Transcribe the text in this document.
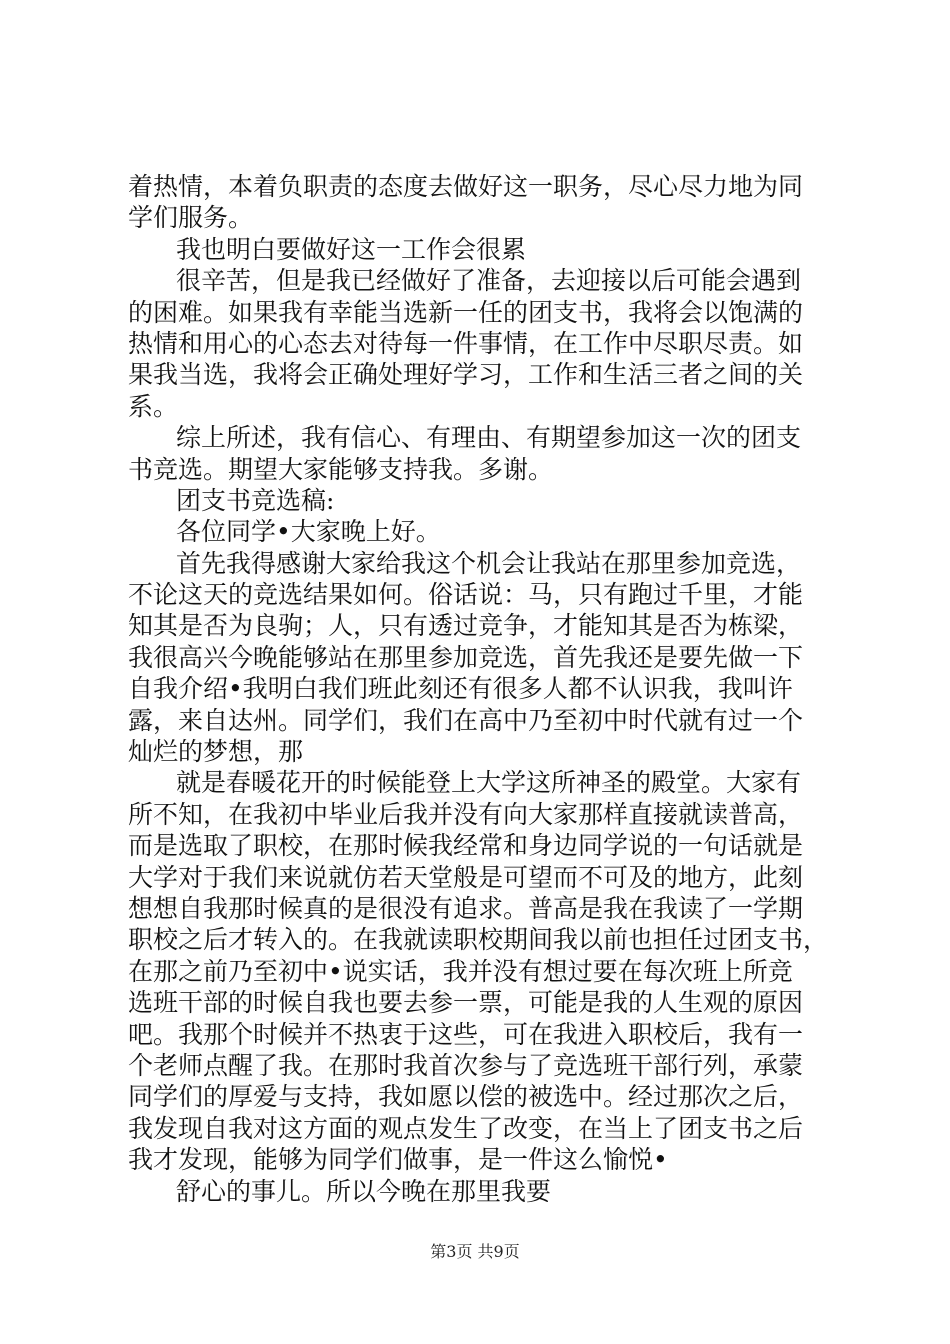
着热情，本着负职责的态度去做好这一职务，尽心尽力地为同
学们服务。
我也明白要做好这一工作会很累
很辛苦，但是我已经做好了准备，去迎接以后可能会遇到
的困难。如果我有幸能当选新一任的团支书，我将会以饱满的
热情和用心的心态去对待每一件事情，在工作中尽职尽责。如
果我当选，我将会正确处理好学习，工作和生活三者之间的关
系。
综上所述，我有信心、有理由、有期望参加这一次的团支
书竞选。期望大家能够支持我。多谢。
团支书竞选稿:
各位同学•大家晚上好。
首先我得感谢大家给我这个机会让我站在那里参加竞选，
不论这天的竞选结果如何。俗话说：马，只有跑过千里，才能
知其是否为良驹；人，只有透过竞争，才能知其是否为栋梁，
我很高兴今晚能够站在那里参加竞选，首先我还是要先做一下
自我介绍•我明白我们班此刻还有很多人都不认识我，我叫许
露，来自达州。同学们，我们在高中乃至初中时代就有过一个
灿烂的梦想，那
就是春暖花开的时候能登上大学这所神圣的殿堂。大家有
所不知，在我初中毕业后我并没有向大家那样直接就读普高，
而是选取了职校，在那时候我经常和身边同学说的一句话就是
大学对于我们来说就仿若天堂般是可望而不可及的地方，此刻
想想自我那时候真的是很没有追求。普高是我在我读了一学期
职校之后才转入的。在我就读职校期间我以前也担任过团支书，
在那之前乃至初中•说实话，我并没有想过要在每次班上所竞
选班干部的时候自我也要去参一票，可能是我的人生观的原因
吧。我那个时候并不热衷于这些，可在我进入职校后，我有一
个老师点醒了我。在那时我首次参与了竞选班干部行列，承蒙
同学们的厚爱与支持，我如愿以偿的被选中。经过那次之后，
我发现自我对这方面的观点发生了改变，在当上了团支书之后
我才发现，能够为同学们做事，是一件这么愉悦•
舒心的事儿。所以今晚在那里我要
第3页 共9页
